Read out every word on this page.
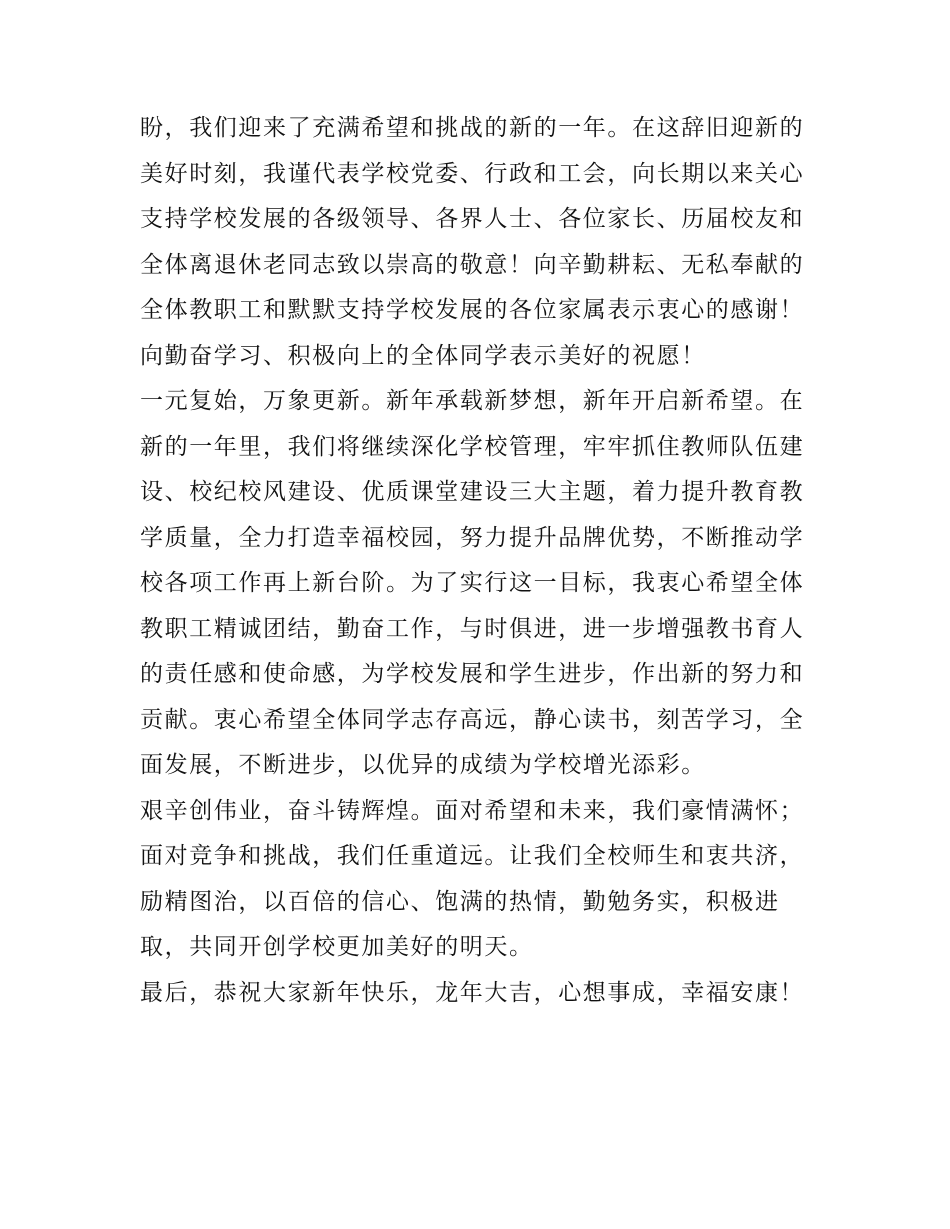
盼，我们迎来了充满希望和挑战的新的一年。在这辞旧迎新的
美好时刻，我谨代表学校党委、行政和工会，向长期以来关心
支持学校发展的各级领导、各界人士、各位家长、历届校友和
全体离退休老同志致以崇高的敬意！向辛勤耕耘、无私奉献的
全体教职工和默默支持学校发展的各位家属表示衷心的感谢！
向勤奋学习、积极向上的全体同学表示美好的祝愿！
一元复始，万象更新。新年承载新梦想，新年开启新希望。在
新的一年里，我们将继续深化学校管理，牢牢抓住教师队伍建
设、校纪校风建设、优质课堂建设三大主题，着力提升教育教
学质量，全力打造幸福校园，努力提升品牌优势，不断推动学
校各项工作再上新台阶。为了实行这一目标，我衷心希望全体
教职工精诚团结，勤奋工作，与时俱进，进一步增强教书育人
的责任感和使命感，为学校发展和学生进步，作出新的努力和
贡献。衷心希望全体同学志存高远，静心读书，刻苦学习，全
面发展，不断进步，以优异的成绩为学校增光添彩。
艰辛创伟业，奋斗铸辉煌。面对希望和未来，我们豪情满怀；
面对竞争和挑战，我们任重道远。让我们全校师生和衷共济，
励精图治，以百倍的信心、饱满的热情，勤勉务实，积极进
取，共同开创学校更加美好的明天。
最后，恭祝大家新年快乐，龙年大吉，心想事成，幸福安康！
